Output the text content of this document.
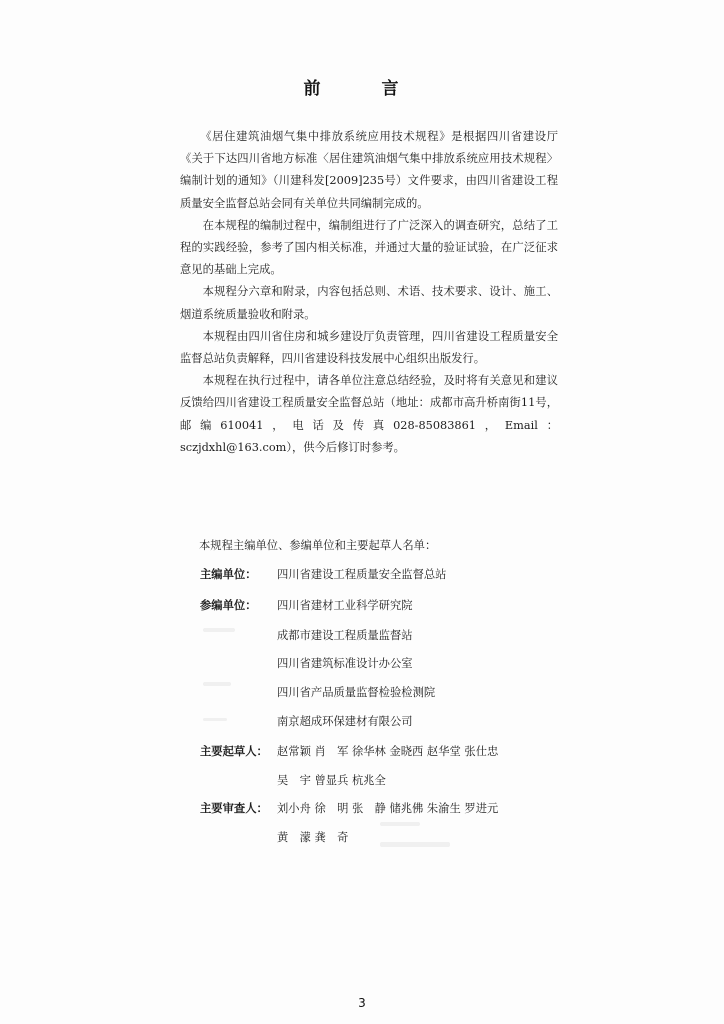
前　言

《居住建筑油烟气集中排放系统应用技术规程》是根据四川省建设厅《关于下达四川省地方标准〈居住建筑油烟气集中排放系统应用技术规程〉编制计划的通知》（川建科发[2009]235号）文件要求，由四川省建设工程质量安全监督总站会同有关单位共同编制完成的。

在本规程的编制过程中，编制组进行了广泛深入的调查研究，总结了工程的实践经验，参考了国内相关标准，并通过大量的验证试验，在广泛征求意见的基础上完成。

本规程分六章和附录，内容包括总则、术语、技术要求、设计、施工、烟道系统质量验收和附录。

本规程由四川省住房和城乡建设厅负责管理，四川省建设工程质量安全监督总站负责解释，四川省建设科技发展中心组织出版发行。

本规程在执行过程中，请各单位注意总结经验，及时将有关意见和建议反馈给四川省建设工程质量安全监督总站（地址：成都市高升桥南街11号，邮编610041，电话及传真028-85083861，Email：sczjdxhl@163.com），供今后修订时参考。

本规程主编单位、参编单位和主要起草人名单：
主编单位：	四川省建设工程质量安全监督总站
参编单位：	四川省建材工业科学研究院
成都市建设工程质量监督站
四川省建筑标准设计办公室
四川省产品质量监督检验检测院
南京超成环保建材有限公司
主要起草人： 赵常颖 肖　军 徐华林 金晓西 赵华堂 张仕忠
吴　宇 曾显兵 杭兆全
主要审查人： 刘小舟 徐　明 张　静 储兆佛 朱渝生 罗进元
黄　濛 龚　奇
3
